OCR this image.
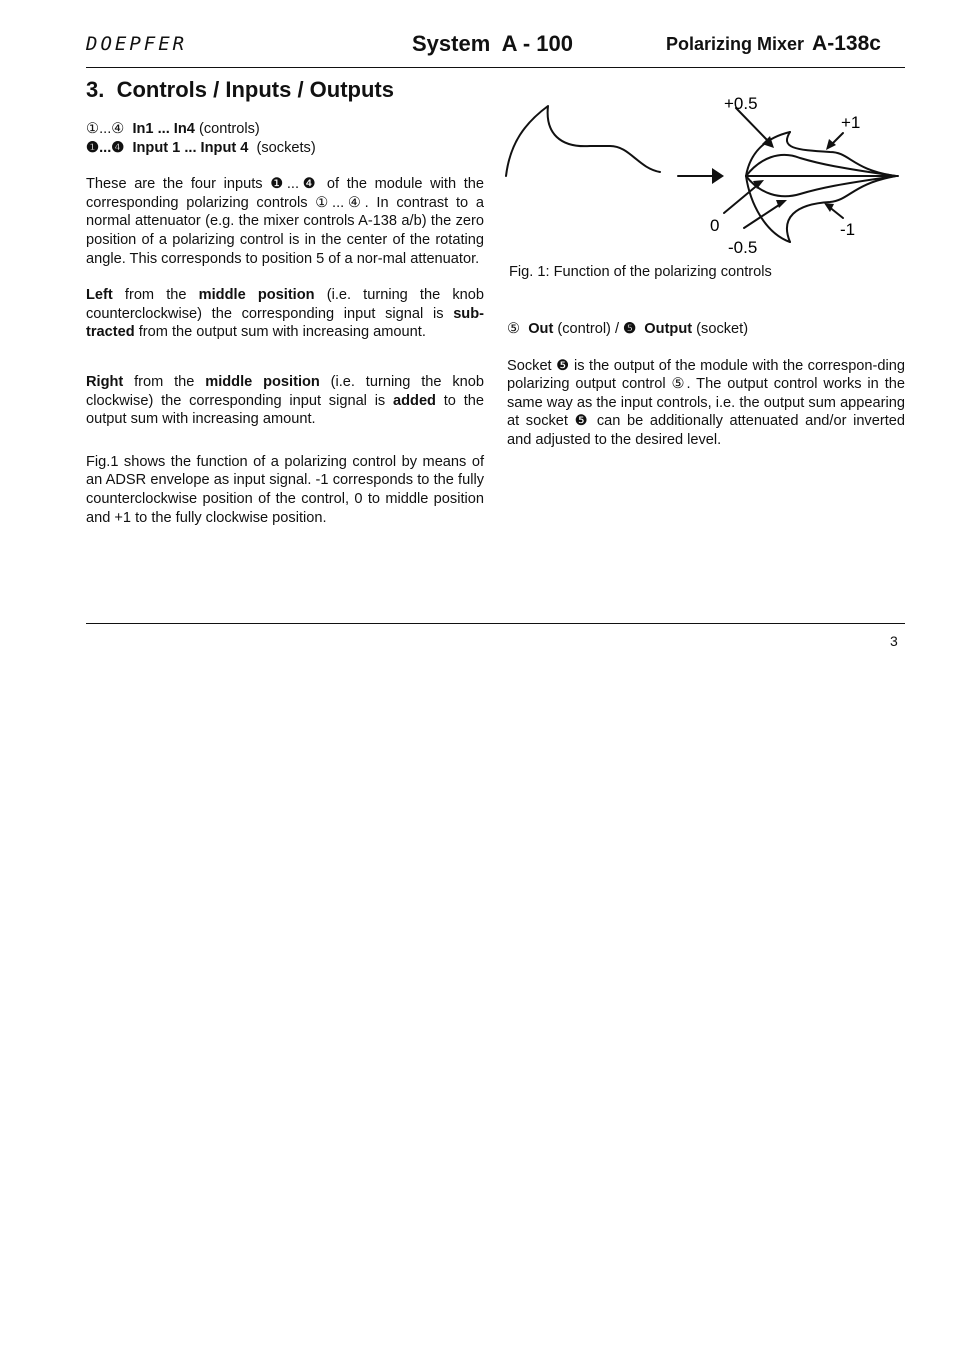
DOEPFER	System  A - 100	Polarizing Mixer A-138c
3.  Controls / Inputs / Outputs

①...④ In1 ... In4 (controls)

❶...❹ Input 1 ... Input 4  (sockets)

These are the four inputs ❶...❹ of the module with the corresponding polarizing controls ①...④. In contrast to a normal attenuator (e.g. the mixer controls A-138 a/b) the zero position of a polarizing control is in the center of the rotating angle. This corresponds to position 5 of a nor-mal attenuator.

Left from the middle position (i.e. turning the knob counterclockwise) the corresponding input signal is sub-tracted from the output sum with increasing amount.

Right from the middle position (i.e. turning the knob clockwise) the corresponding input signal is added to the output sum with increasing amount.

Fig.1 shows the function of a polarizing control by means of an ADSR envelope as input signal. -1 corresponds to the fully counterclockwise position of the control, 0 to middle position and +1 to the fully clockwise position.

+0.5
+1
0
-0.5
-1
Fig. 1: Function of the polarizing controls

⑤ Out (control) / ❺ Output (socket)

Socket ❺ is the output of the module with the correspon-ding polarizing output control ⑤. The output control works in the same way as the input controls, i.e. the output sum appearing at socket ❺ can be additionally attenuated and/or inverted and adjusted to the desired level.

3
